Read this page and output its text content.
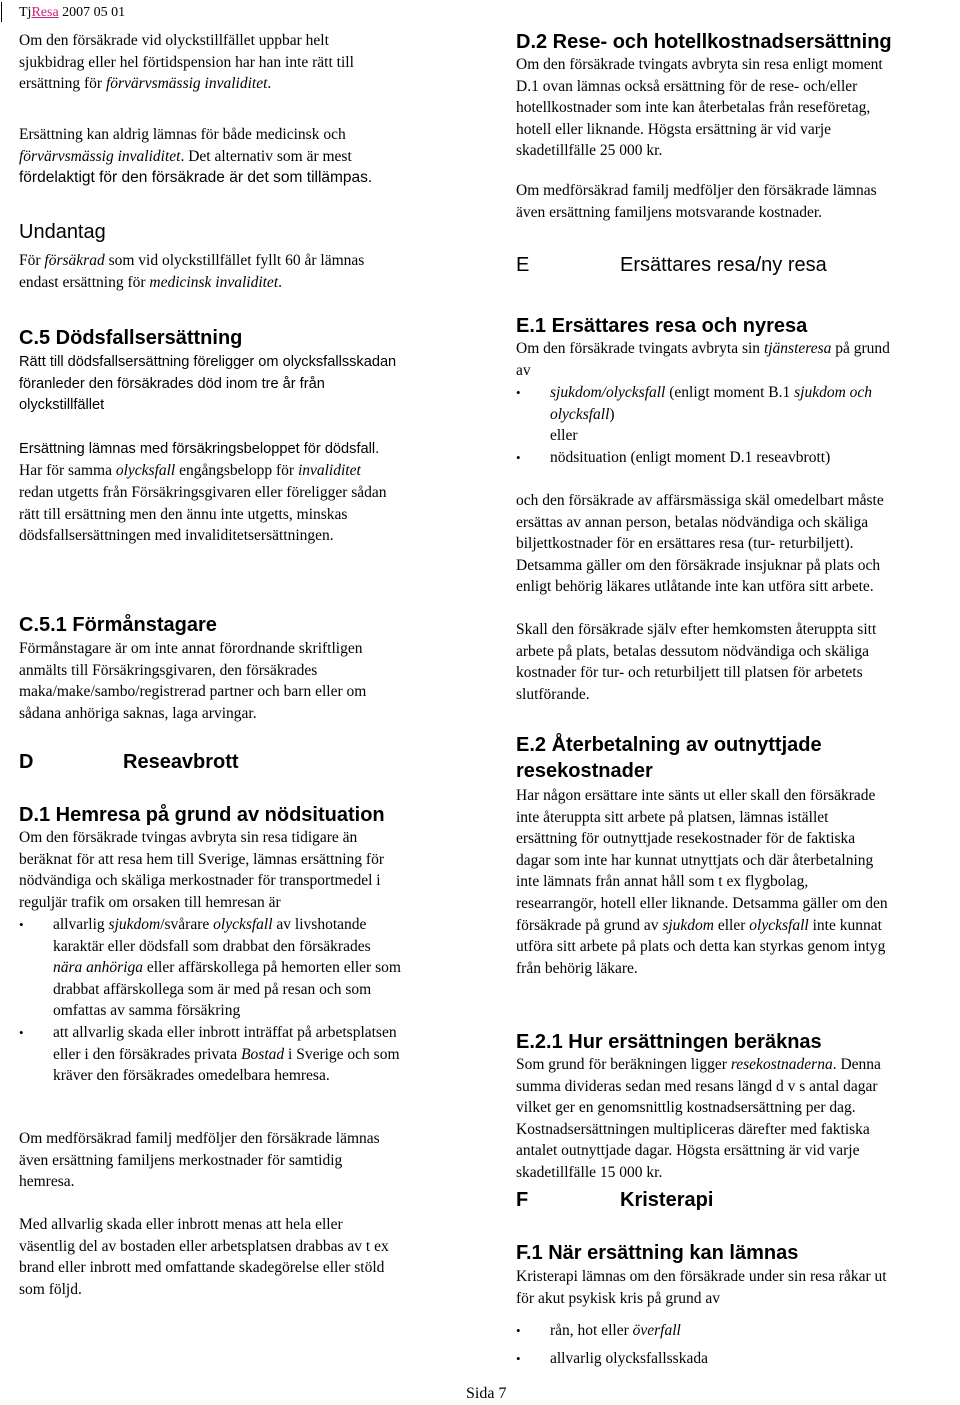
TjResa 2007 05 01

Om den försäkrade vid olyckstillfället uppbar helt
sjukbidrag eller hel förtidspension har han inte rätt till
ersättning för förvärvsmässig invaliditet.

Ersättning kan aldrig lämnas för både medicinsk och
förvärvsmässig invaliditet. Det alternativ som är mest
fördelaktigt för den försäkrade är det som tillämpas.

Undantag

För försäkrad som vid olyckstillfället fyllt 60 år lämnas
endast ersättning för medicinsk invaliditet.

C.5 Dödsfallsersättning

Rätt till dödsfallsersättning föreligger om olycksfallsskadan
föranleder den försäkrades död inom tre år från
olyckstillfället

Ersättning lämnas med försäkringsbeloppet för dödsfall.

Har för samma olycksfall engångsbelopp för invaliditet
redan utgetts från Försäkringsgivaren eller föreligger sådan
rätt till ersättning men den ännu inte utgetts, minskas
dödsfallsersättningen med invaliditetsersättningen.

C.5.1 Förmånstagare

Förmånstagare är om inte annat förordnande skriftligen
anmälts till Försäkringsgivaren, den försäkrades
maka/make/sambo/registrerad partner och barn eller om
sådana anhöriga saknas, laga arvingar.

D	Reseavbrott
D.1 Hemresa på grund av nödsituation

Om den försäkrade tvingas avbryta sin resa tidigare än
beräknat för att resa hem till Sverige, lämnas ersättning för
nödvändiga och skäliga merkostnader för transportmedel i
reguljär trafik om orsaken till hemresan är

• allvarlig sjukdom/svårare olycksfall av livshotande
karaktär eller dödsfall som drabbat den försäkrades
nära anhöriga eller affärskollega på hemorten eller som
drabbat affärskollega som är med på resan och som
omfattas av samma försäkring
• att allvarlig skada eller inbrott inträffat på arbetsplatsen
eller i den försäkrades privata Bostad i Sverige och som
kräver den försäkrades omedelbara hemresa.

Om medförsäkrad familj medföljer den försäkrade lämnas
även ersättning familjens merkostnader för samtidig
hemresa.

Med allvarlig skada eller inbrott menas att hela eller
väsentlig del av bostaden eller arbetsplatsen drabbas av t ex
brand eller inbrott med omfattande skadegörelse eller stöld
som följd.

D.2 Rese- och hotellkostnadsersättning

Om den försäkrade tvingats avbryta sin resa enligt moment
D.1 ovan lämnas också ersättning för de rese- och/eller
hotellkostnader som inte kan återbetalas från reseföretag,
hotell eller liknande. Högsta ersättning är vid varje
skadetillfälle 25 000 kr.

Om medförsäkrad familj medföljer den försäkrade lämnas
även ersättning familjens motsvarande kostnader.

E	Ersättares resa/ny resa
E.1 Ersättares resa och nyresa

Om den försäkrade tvingats avbryta sin tjänsteresa på grund
av

• sjukdom/olycksfall (enligt moment B.1 sjukdom och
olycksfall)
eller
• nödsituation (enligt moment D.1 reseavbrott)

och den försäkrade av affärsmässiga skäl omedelbart måste
ersättas av annan person, betalas nödvändiga och skäliga
biljettkostnader för en ersättares resa (tur- returbiljett).
Detsamma gäller om den försäkrade insjuknar på plats och
enligt behörig läkares utlåtande inte kan utföra sitt arbete.

Skall den försäkrade själv efter hemkomsten återuppta sitt
arbete på plats, betalas dessutom nödvändiga och skäliga
kostnader för tur- och returbiljett till platsen för arbetets
slutförande.

E.2 Återbetalning av outnyttjade
resekostnader

Har någon ersättare inte sänts ut eller skall den försäkrade
inte återuppta sitt arbete på platsen, lämnas istället
ersättning för outnyttjade resekostnader för de faktiska
dagar som inte har kunnat utnyttjats och där återbetalning
inte lämnats från annat håll som t ex flygbolag,
researrangör, hotell eller liknande. Detsamma gäller om den
försäkrade på grund av sjukdom eller olycksfall inte kunnat
utföra sitt arbete på plats och detta kan styrkas genom intyg
från behörig läkare.

E.2.1 Hur ersättningen beräknas

Som grund för beräkningen ligger resekostnaderna. Denna
summa divideras sedan med resans längd d v s antal dagar
vilket ger en genomsnittlig kostnadsersättning per dag.
Kostnadsersättningen multipliceras därefter med faktiska
antalet outnyttjade dagar. Högsta ersättning är vid varje
skadetillfälle 15 000 kr.

F	Kristerapi
F.1 När ersättning kan lämnas

Kristerapi lämnas om den försäkrade under sin resa råkar ut
för akut psykisk kris på grund av

• rån, hot eller överfall
• allvarlig olycksfallsskada
Sida 7
